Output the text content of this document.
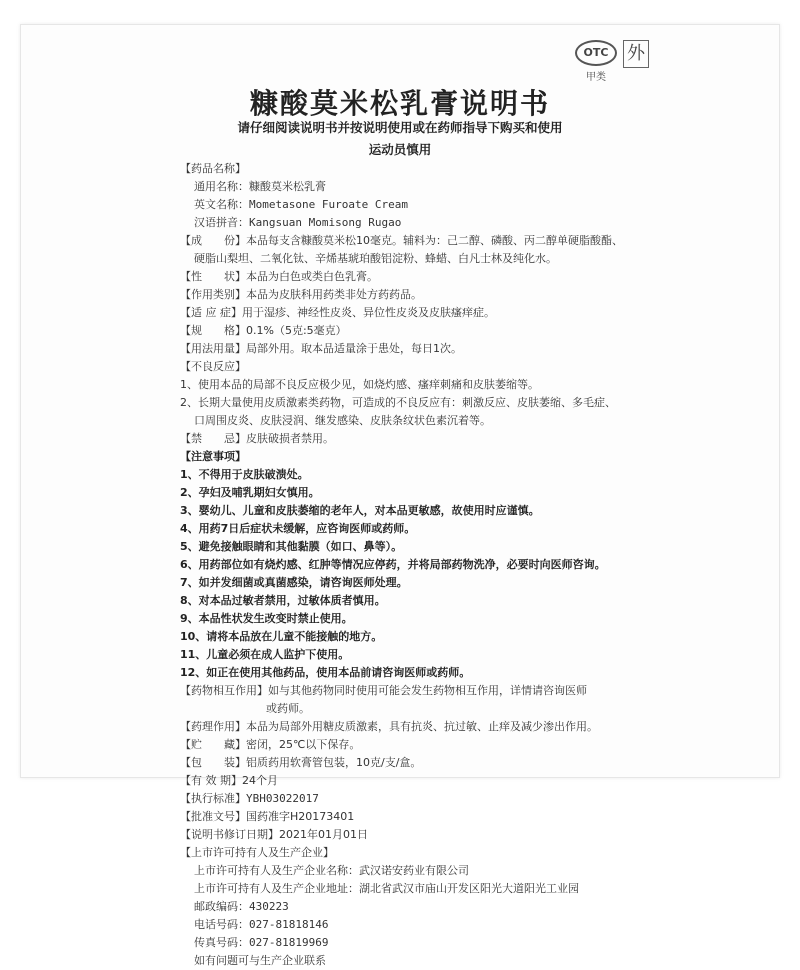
OTC
甲类
外
糠酸莫米松乳膏说明书
请仔细阅读说明书并按说明使用或在药师指导下购买和使用
运动员慎用
【药品名称】
通用名称：糠酸莫米松乳膏
英文名称：Mometasone Furoate Cream
汉语拼音：Kangsuan Momisong Rugao
【成　　份】本品每支含糠酸莫米松10毫克。辅料为：己二醇、磷酸、丙二醇单硬脂酸酯、
硬脂山梨坦、二氧化钛、辛烯基琥珀酸铝淀粉、蜂蜡、白凡士林及纯化水。
【性　　状】本品为白色或类白色乳膏。
【作用类别】本品为皮肤科用药类非处方药药品。
【适 应 症】用于湿疹、神经性皮炎、异位性皮炎及皮肤瘙痒症。
【规　　格】0.1%（5克:5毫克）
【用法用量】局部外用。取本品适量涂于患处，每日1次。
【不良反应】
1、使用本品的局部不良反应极少见，如烧灼感、瘙痒刺痛和皮肤萎缩等。
2、长期大量使用皮质激素类药物，可造成的不良反应有：刺激反应、皮肤萎缩、多毛症、
口周围皮炎、皮肤浸润、继发感染、皮肤条纹状色素沉着等。
【禁　　忌】皮肤破损者禁用。
【注意事项】
1、不得用于皮肤破溃处。
2、孕妇及哺乳期妇女慎用。
3、婴幼儿、儿童和皮肤萎缩的老年人，对本品更敏感，故使用时应谨慎。
4、用药7日后症状未缓解，应咨询医师或药师。
5、避免接触眼睛和其他黏膜（如口、鼻等）。
6、用药部位如有烧灼感、红肿等情况应停药，并将局部药物洗净，必要时向医师咨询。
7、如并发细菌或真菌感染，请咨询医师处理。
8、对本品过敏者禁用，过敏体质者慎用。
9、本品性状发生改变时禁止使用。
10、请将本品放在儿童不能接触的地方。
11、儿童必须在成人监护下使用。
12、如正在使用其他药品，使用本品前请咨询医师或药师。
【药物相互作用】如与其他药物同时使用可能会发生药物相互作用，详情请咨询医师
或药师。
【药理作用】本品为局部外用糖皮质激素，具有抗炎、抗过敏、止痒及减少渗出作用。
【贮　　藏】密闭，25℃以下保存。
【包　　装】铝质药用软膏管包装，10克/支/盒。
【有 效 期】24个月
【执行标准】YBH03022017
【批准文号】国药准字H20173401
【说明书修订日期】2021年01月01日
【上市许可持有人及生产企业】
上市许可持有人及生产企业名称：武汉诺安药业有限公司
上市许可持有人及生产企业地址：湖北省武汉市庙山开发区阳光大道阳光工业园
邮政编码：430223
电话号码：027-81818146
传真号码：027-81819969
如有问题可与生产企业联系
